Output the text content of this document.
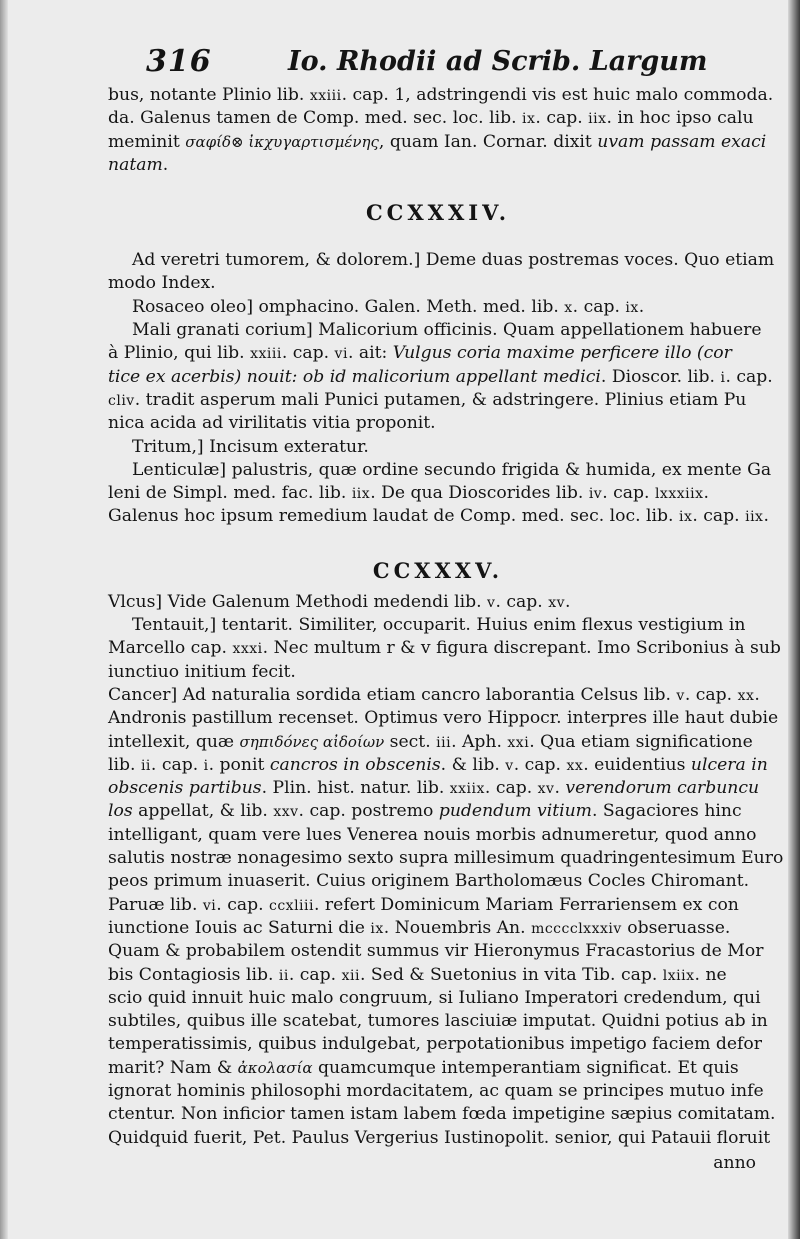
316	Io. Rhodii ad Scrib. Largum
bus, notante Plinio lib. xxiii. cap. 1, adstringendi vis est huic malo commoda.
da. Galenus tamen de Comp. med. sec. loc. lib. ix. cap. iix. in hoc ipso calu
meminit σαφίδ⊗ ἰκχυγαρτισμένης, quam Ian. Cornar. dixit uvam passam exaci
natam.
CCXXXIV.
Ad veretri tumorem, & dolorem.] Deme duas postremas voces. Quo etiam
modo Index.
Rosaceo oleo] omphacino. Galen. Meth. med. lib. x. cap. ix.
Mali granati corium] Malicorium officinis. Quam appellationem habuere
à Plinio, qui lib. xxiii. cap. vi. ait: Vulgus coria maxime perficere illo (cor
tice ex acerbis) nouit: ob id malicorium appellant medici. Dioscor. lib. i. cap.
cliv. tradit asperum mali Punici putamen, & adstringere. Plinius etiam Pu
nica acida ad virilitatis vitia proponit.
Tritum,] Incisum exteratur.
Lenticulæ] palustris, quæ ordine secundo frigida & humida, ex mente Ga
leni de Simpl. med. fac. lib. iix. De qua Dioscorides lib. iv. cap. lxxxiix.
Galenus hoc ipsum remedium laudat de Comp. med. sec. loc. lib. ix. cap. iix.
CCXXXV.
Vlcus] Vide Galenum Methodi medendi lib. v. cap. xv.
Tentauit,] tentarit. Similiter, occuparit. Huius enim flexus vestigium in
Marcello cap. xxxi. Nec multum r & v figura discrepant. Imo Scribonius à sub
iunctiuo initium fecit.
Cancer] Ad naturalia sordida etiam cancro laborantia Celsus lib. v. cap. xx.
Andronis pastillum recenset. Optimus vero Hippocr. interpres ille haut dubie
intellexit, quæ σηπιδόνες αἰδοίων sect. iii. Aph. xxi. Qua etiam significatione
lib. ii. cap. i. ponit cancros in obscenis. & lib. v. cap. xx. euidentius ulcera in
obscenis partibus. Plin. hist. natur. lib. xxiix. cap. xv. verendorum carbuncu
los appellat, & lib. xxv. cap. postremo pudendum vitium. Sagaciores hinc
intelligant, quam vere lues Venerea nouis morbis adnumeretur, quod anno
salutis nostræ nonagesimo sexto supra millesimum quadringentesimum Euro
peos primum inuaserit. Cuius originem Bartholomæus Cocles Chiromant.
Paruæ lib. vi. cap. ccxliii. refert Dominicum Mariam Ferrariensem ex con
iunctione Iouis ac Saturni die ix. Nouembris An. mcccclxxxiv obseruasse.
Quam & probabilem ostendit summus vir Hieronymus Fracastorius de Mor
bis Contagiosis lib. ii. cap. xii. Sed & Suetonius in vita Tib. cap. lxiix. ne
scio quid innuit huic malo congruum, si Iuliano Imperatori credendum, qui
subtiles, quibus ille scatebat, tumores lasciuiæ imputat. Quidni potius ab in
temperatissimis, quibus indulgebat, perpotationibus impetigo faciem defor
marit? Nam & ἀκολασία quamcumque intemperantiam significat. Et quis
ignorat hominis philosophi mordacitatem, ac quam se principes mutuo infe
ctentur. Non inficior tamen istam labem fœda impetigine sæpius comitatam.
Quidquid fuerit, Pet. Paulus Vergerius Iustinopolit. senior, qui Patauii floruit
anno
